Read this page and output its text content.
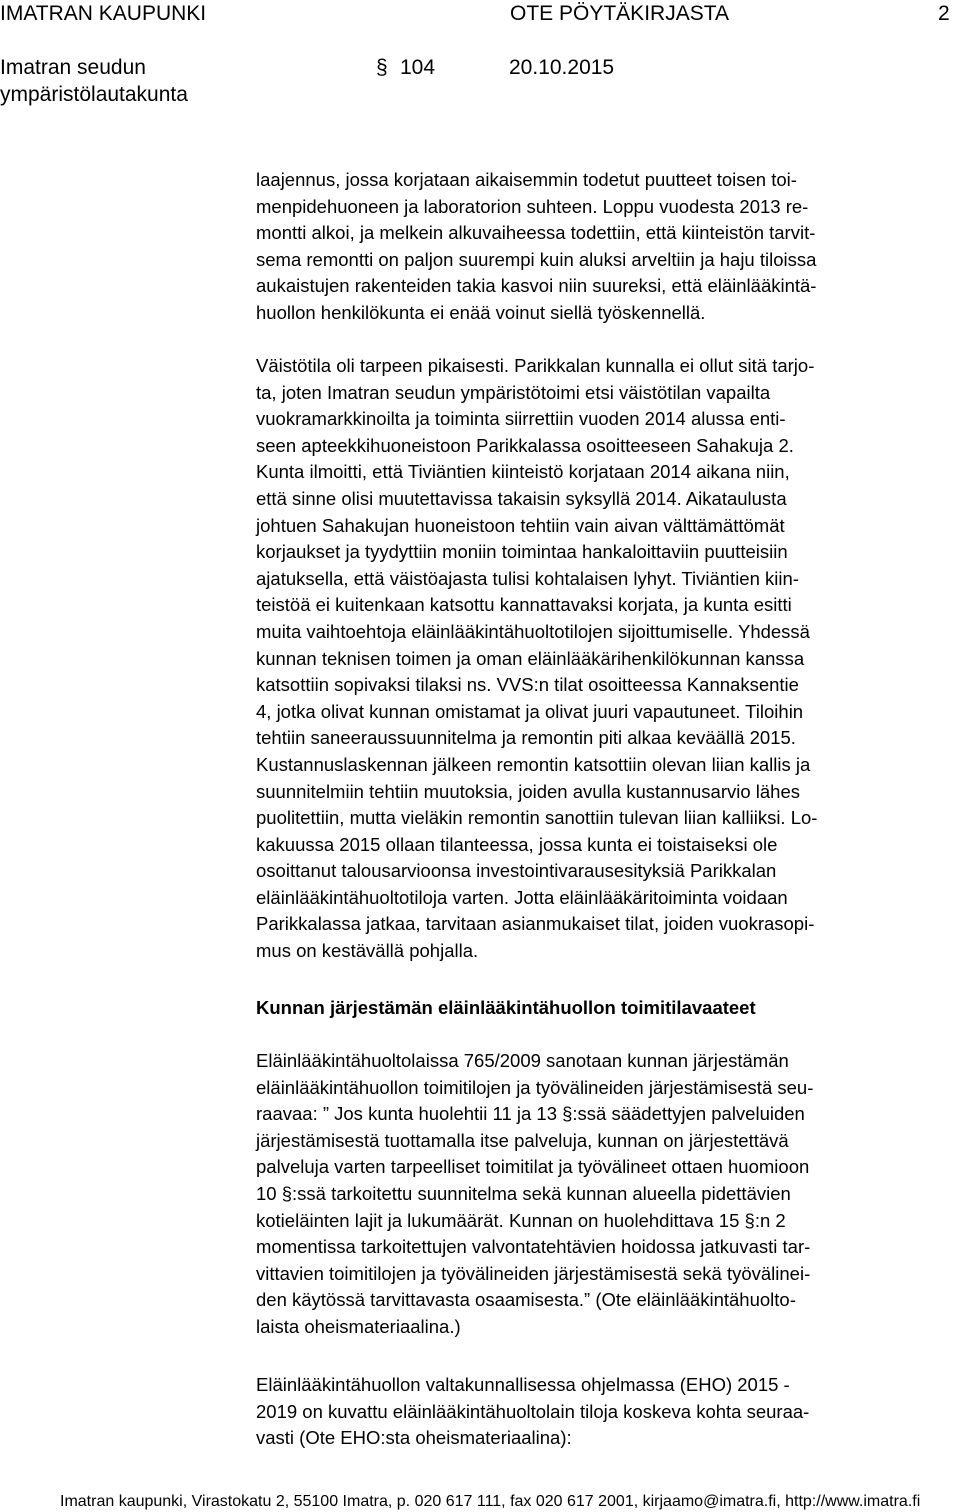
IMATRAN KAUPUNKI	OTE PÖYTÄKIRJASTA	2
Imatran seudun
ympäristölautakunta
§ 104	20.10.2015
laajennus, jossa korjataan aikaisemmin todetut puutteet toisen toi-
menpidehuoneen ja laboratorion suhteen. Loppu vuodesta 2013 re-
montti alkoi, ja melkein alkuvaiheessa todettiin, että kiinteistön tarvit-
sema remontti on paljon suurempi kuin aluksi arveltiin ja haju tiloissa
aukaistujen rakenteiden takia kasvoi niin suureksi, että eläinlääkintä-
huollon henkilökunta ei enää voinut siellä työskennellä.
Väistötila oli tarpeen pikaisesti. Parikkalan kunnalla ei ollut sitä tarjo-
ta, joten Imatran seudun ympäristötoimi etsi väistötilan vapailta
vuokramarkkinoilta ja toiminta siirrettiin vuoden 2014 alussa enti-
seen apteekkihuoneistoon Parikkalassa osoitteeseen Sahakuja 2.
Kunta ilmoitti, että Tiviäntien kiinteistö korjataan 2014 aikana niin,
että sinne olisi muutettavissa takaisin syksyllä 2014. Aikataulusta
johtuen Sahakujan huoneistoon tehtiin vain aivan välttämättömät
korjaukset ja tyydyttiin moniin toimintaa hankaloittaviin puutteisiin
ajatuksella, että väistöajasta tulisi kohtalaisen lyhyt. Tiviäntien kiin-
teistöä ei kuitenkaan katsottu kannattavaksi korjata, ja kunta esitti
muita vaihtoehtoja eläinlääkintähuoltotilojen sijoittumiselle. Yhdessä
kunnan teknisen toimen ja oman eläinlääkärihenkilökunnan kanssa
katsottiin sopivaksi tilaksi ns. VVS:n tilat osoitteessa Kannaksentie
4, jotka olivat kunnan omistamat ja olivat juuri vapautuneet. Tiloihin
tehtiin saneeraussuunnitelma ja remontin piti alkaa keväällä 2015.
Kustannuslaskennan jälkeen remontin katsottiin olevan liian kallis ja
suunnitelmiin tehtiin muutoksia, joiden avulla kustannusarvio lähes
puolitettiin, mutta vieläkin remontin sanottiin tulevan liian kalliiksi. Lo-
kakuussa 2015 ollaan tilanteessa, jossa kunta ei toistaiseksi ole
osoittanut talousarvioonsa investointivarausesityksiä Parikkalan
eläinlääkintähuoltotiloja varten. Jotta eläinlääkäritoiminta voidaan
Parikkalassa jatkaa, tarvitaan asianmukaiset tilat, joiden vuokrasopi-
mus on kestävällä pohjalla.
Kunnan järjestämän eläinlääkintähuollon toimitilavaateet
Eläinlääkintähuoltolaissa 765/2009 sanotaan kunnan järjestämän
eläinlääkintähuollon toimitilojen ja työvälineiden järjestämisestä seu-
raavaa: ” Jos kunta huolehtii 11 ja 13 §:ssä säädettyjen palveluiden
järjestämisestä tuottamalla itse palveluja, kunnan on järjestettävä
palveluja varten tarpeelliset toimitilat ja työvälineet ottaen huomioon
10 §:ssä tarkoitettu suunnitelma sekä kunnan alueella pidettävien
kotieläinten lajit ja lukumäärät. Kunnan on huolehdittava 15 §:n 2
momentissa tarkoitettujen valvontatehtävien hoidossa jatkuvasti tar-
vittavien toimitilojen ja työvälineiden järjestämisestä sekä työvälinei-
den käytössä tarvittavasta osaamisesta.” (Ote eläinlääkintähuolto-
laista oheismateriaalina.)
Eläinlääkintähuollon valtakunnallisessa ohjelmassa (EHO) 2015 -
2019 on kuvattu eläinlääkintähuoltolain tiloja koskeva kohta seuraa-
vasti (Ote EHO:sta oheismateriaalina):
Imatran kaupunki, Virastokatu 2, 55100 Imatra, p. 020 617 111, fax 020 617 2001, kirjaamo@imatra.fi, http://www.imatra.fi
